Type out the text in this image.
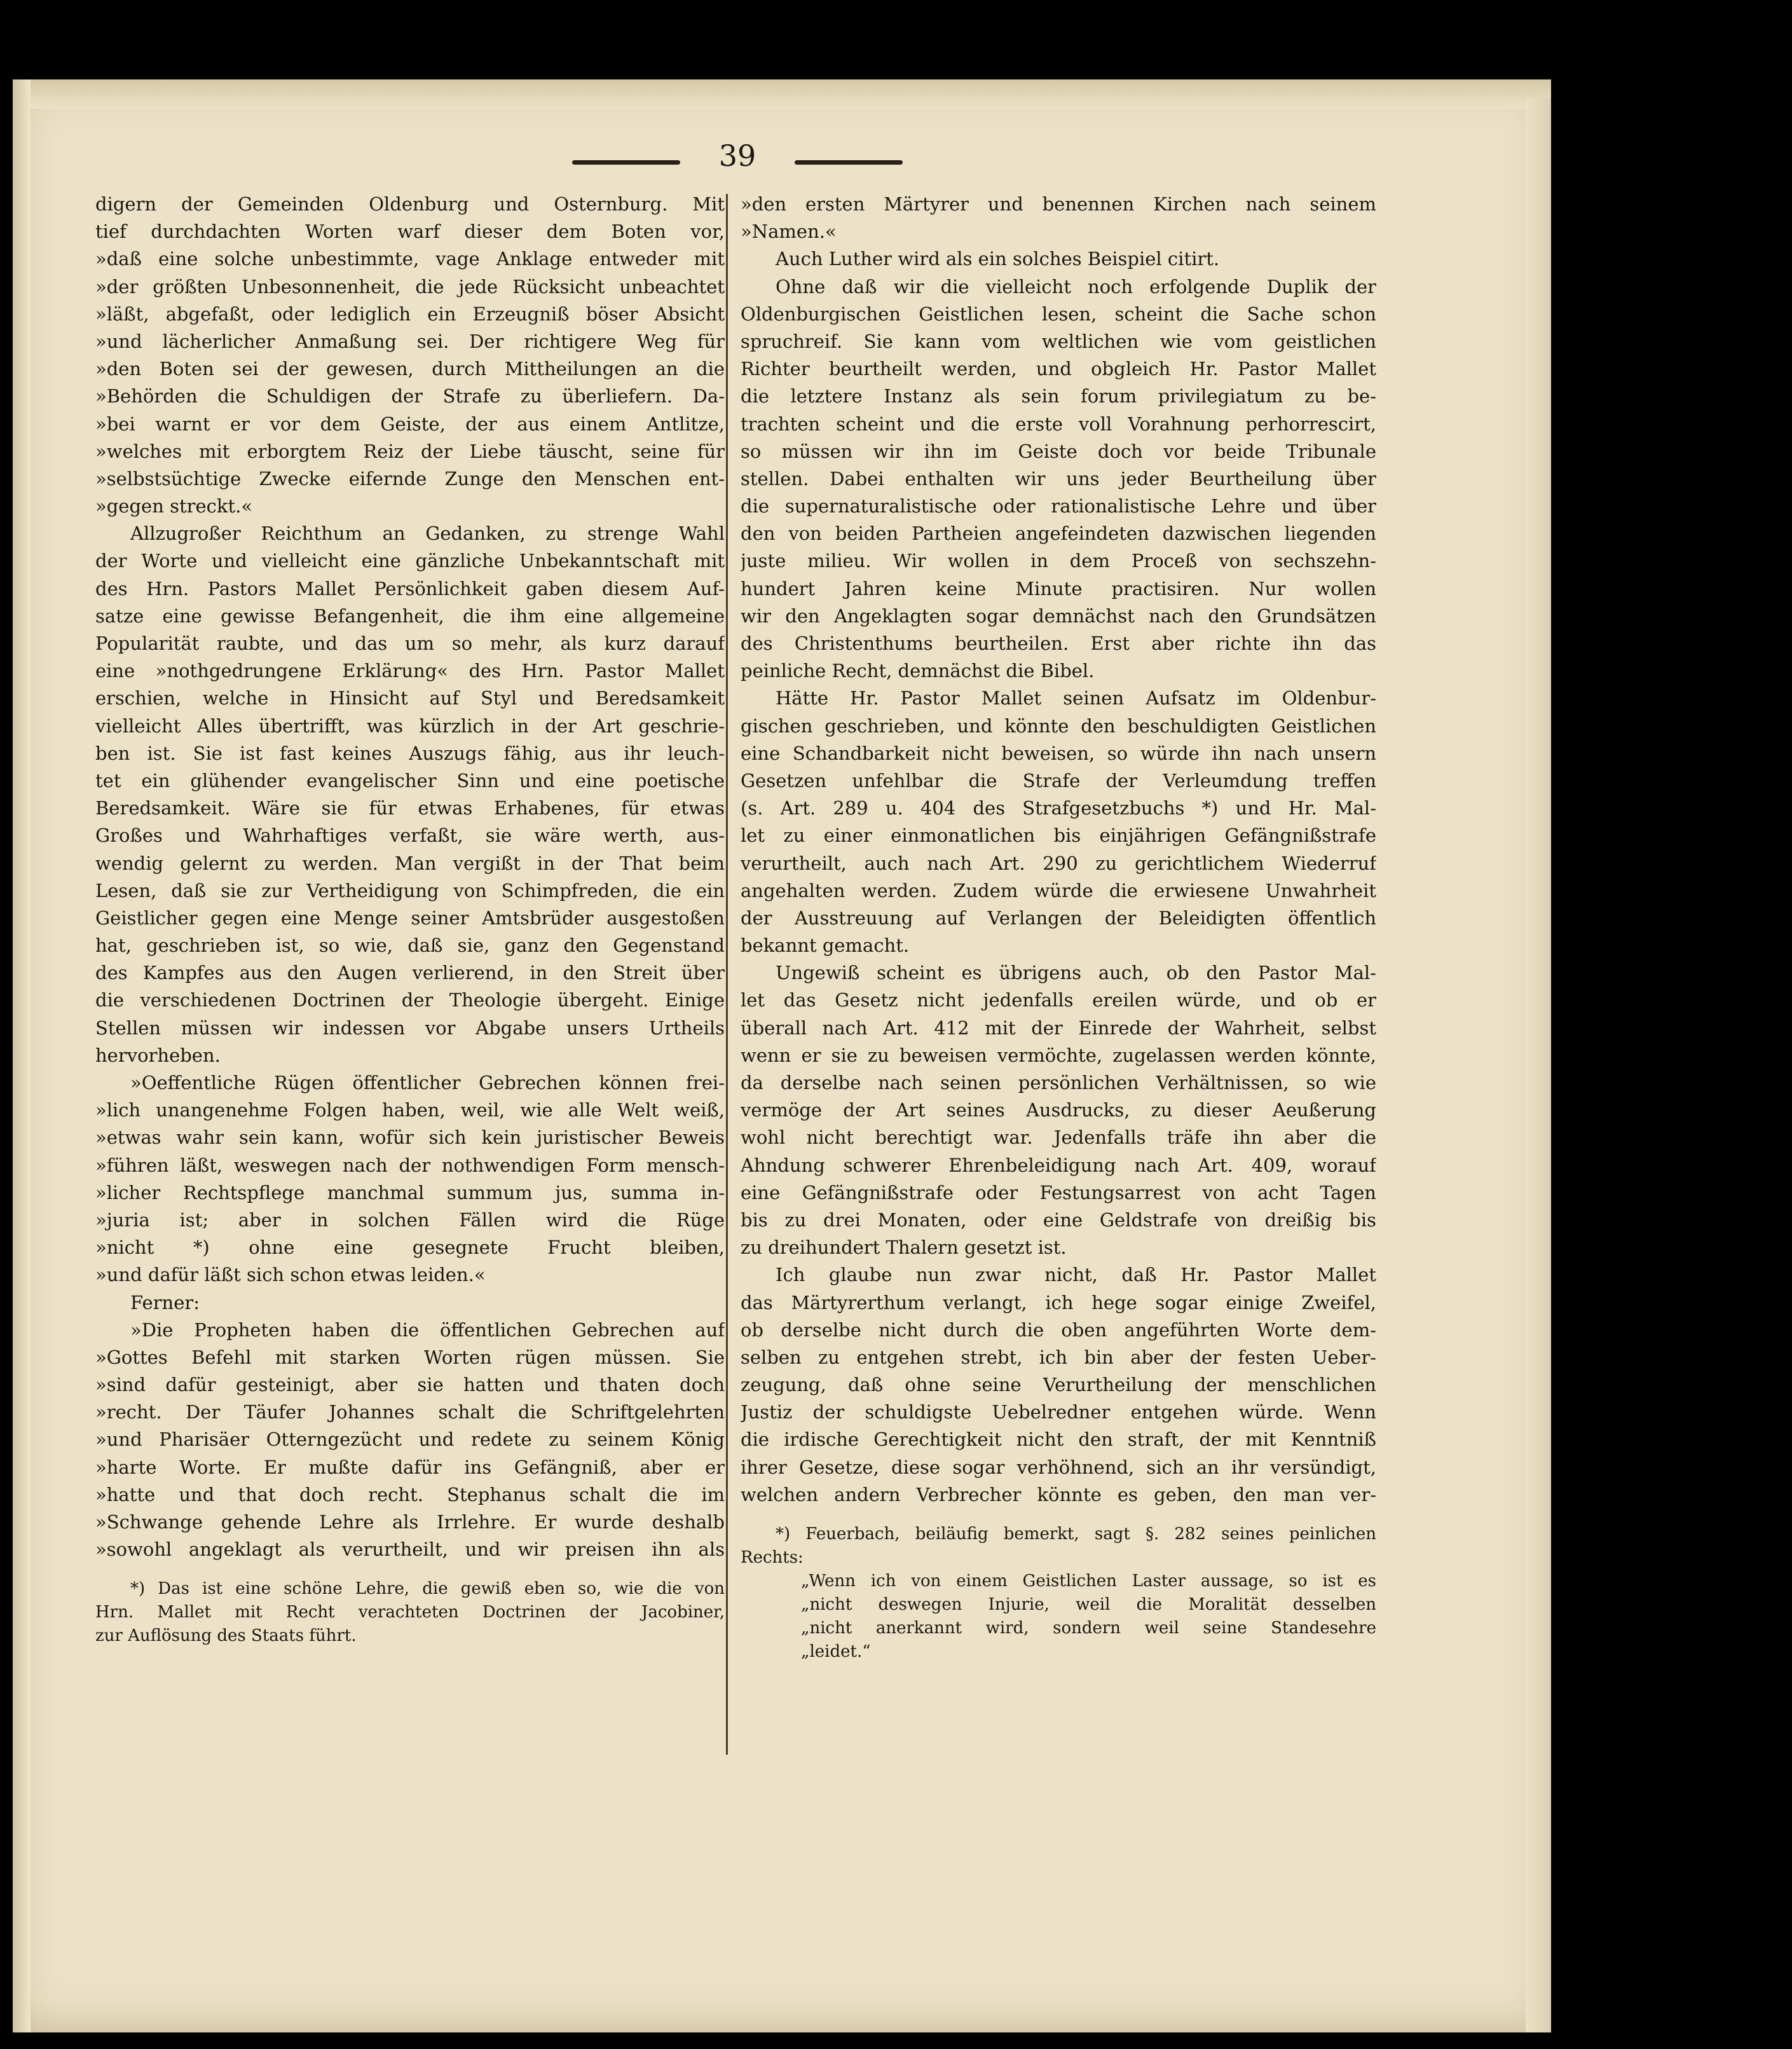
39
digern der Gemeinden Oldenburg und Osternburg. Mit
tief durchdachten Worten warf dieser dem Boten vor,
»daß eine solche unbestimmte, vage Anklage entweder mit
»der größten Unbesonnenheit, die jede Rücksicht unbeachtet
»läßt, abgefaßt, oder lediglich ein Erzeugniß böser Absicht
»und lächerlicher Anmaßung sei. Der richtigere Weg für
»den Boten sei der gewesen, durch Mittheilungen an die
»Behörden die Schuldigen der Strafe zu überliefern. Da-
»bei warnt er vor dem Geiste, der aus einem Antlitze,
»welches mit erborgtem Reiz der Liebe täuscht, seine für
»selbstsüchtige Zwecke eifernde Zunge den Menschen ent-
»gegen streckt.«
Allzugroßer Reichthum an Gedanken, zu strenge Wahl
der Worte und vielleicht eine gänzliche Unbekanntschaft mit
des Hrn. Pastors Mallet Persönlichkeit gaben diesem Auf-
satze eine gewisse Befangenheit, die ihm eine allgemeine
Popularität raubte, und das um so mehr, als kurz darauf
eine »nothgedrungene Erklärung« des Hrn. Pastor Mallet
erschien, welche in Hinsicht auf Styl und Beredsamkeit
vielleicht Alles übertrifft, was kürzlich in der Art geschrie-
ben ist. Sie ist fast keines Auszugs fähig, aus ihr leuch-
tet ein glühender evangelischer Sinn und eine poetische
Beredsamkeit. Wäre sie für etwas Erhabenes, für etwas
Großes und Wahrhaftiges verfaßt, sie wäre werth, aus-
wendig gelernt zu werden. Man vergißt in der That beim
Lesen, daß sie zur Vertheidigung von Schimpfreden, die ein
Geistlicher gegen eine Menge seiner Amtsbrüder ausgestoßen
hat, geschrieben ist, so wie, daß sie, ganz den Gegenstand
des Kampfes aus den Augen verlierend, in den Streit über
die verschiedenen Doctrinen der Theologie übergeht. Einige
Stellen müssen wir indessen vor Abgabe unsers Urtheils
hervorheben.
»Oeffentliche Rügen öffentlicher Gebrechen können frei-
»lich unangenehme Folgen haben, weil, wie alle Welt weiß,
»etwas wahr sein kann, wofür sich kein juristischer Beweis
»führen läßt, weswegen nach der nothwendigen Form mensch-
»licher Rechtspflege manchmal summum jus, summa in-
»juria ist; aber in solchen Fällen wird die Rüge
»nicht *) ohne eine gesegnete Frucht bleiben,
»und dafür läßt sich schon etwas leiden.«
Ferner:
»Die Propheten haben die öffentlichen Gebrechen auf
»Gottes Befehl mit starken Worten rügen müssen. Sie
»sind dafür gesteinigt, aber sie hatten und thaten doch
»recht. Der Täufer Johannes schalt die Schriftgelehrten
»und Pharisäer Otterngezücht und redete zu seinem König
»harte Worte. Er mußte dafür ins Gefängniß, aber er
»hatte und that doch recht. Stephanus schalt die im
»Schwange gehende Lehre als Irrlehre. Er wurde deshalb
»sowohl angeklagt als verurtheilt, und wir preisen ihn als
*) Das ist eine schöne Lehre, die gewiß eben so, wie die von
Hrn. Mallet mit Recht verachteten Doctrinen der Jacobiner,
zur Auflösung des Staats führt.
»den ersten Märtyrer und benennen Kirchen nach seinem
»Namen.«
Auch Luther wird als ein solches Beispiel citirt.
Ohne daß wir die vielleicht noch erfolgende Duplik der
Oldenburgischen Geistlichen lesen, scheint die Sache schon
spruchreif. Sie kann vom weltlichen wie vom geistlichen
Richter beurtheilt werden, und obgleich Hr. Pastor Mallet
die letztere Instanz als sein forum privilegiatum zu be-
trachten scheint und die erste voll Vorahnung perhorrescirt,
so müssen wir ihn im Geiste doch vor beide Tribunale
stellen. Dabei enthalten wir uns jeder Beurtheilung über
die supernaturalistische oder rationalistische Lehre und über
den von beiden Partheien angefeindeten dazwischen liegenden
juste milieu. Wir wollen in dem Proceß von sechszehn-
hundert Jahren keine Minute practisiren. Nur wollen
wir den Angeklagten sogar demnächst nach den Grundsätzen
des Christenthums beurtheilen. Erst aber richte ihn das
peinliche Recht, demnächst die Bibel.
Hätte Hr. Pastor Mallet seinen Aufsatz im Oldenbur-
gischen geschrieben, und könnte den beschuldigten Geistlichen
eine Schandbarkeit nicht beweisen, so würde ihn nach unsern
Gesetzen unfehlbar die Strafe der Verleumdung treffen
(s. Art. 289 u. 404 des Strafgesetzbuchs *) und Hr. Mal-
let zu einer einmonatlichen bis einjährigen Gefängnißstrafe
verurtheilt, auch nach Art. 290 zu gerichtlichem Wiederruf
angehalten werden. Zudem würde die erwiesene Unwahrheit
der Ausstreuung auf Verlangen der Beleidigten öffentlich
bekannt gemacht.
Ungewiß scheint es übrigens auch, ob den Pastor Mal-
let das Gesetz nicht jedenfalls ereilen würde, und ob er
überall nach Art. 412 mit der Einrede der Wahrheit, selbst
wenn er sie zu beweisen vermöchte, zugelassen werden könnte,
da derselbe nach seinen persönlichen Verhältnissen, so wie
vermöge der Art seines Ausdrucks, zu dieser Aeußerung
wohl nicht berechtigt war. Jedenfalls träfe ihn aber die
Ahndung schwerer Ehrenbeleidigung nach Art. 409, worauf
eine Gefängnißstrafe oder Festungsarrest von acht Tagen
bis zu drei Monaten, oder eine Geldstrafe von dreißig bis
zu dreihundert Thalern gesetzt ist.
Ich glaube nun zwar nicht, daß Hr. Pastor Mallet
das Märtyrerthum verlangt, ich hege sogar einige Zweifel,
ob derselbe nicht durch die oben angeführten Worte dem-
selben zu entgehen strebt, ich bin aber der festen Ueber-
zeugung, daß ohne seine Verurtheilung der menschlichen
Justiz der schuldigste Uebelredner entgehen würde. Wenn
die irdische Gerechtigkeit nicht den straft, der mit Kenntniß
ihrer Gesetze, diese sogar verhöhnend, sich an ihr versündigt,
welchen andern Verbrecher könnte es geben, den man ver-
*) Feuerbach, beiläufig bemerkt, sagt §. 282 seines peinlichen
Rechts:
„Wenn ich von einem Geistlichen Laster aussage, so ist es
„nicht deswegen Injurie, weil die Moralität desselben
„nicht anerkannt wird, sondern weil seine Standesehre
„leidet.“
